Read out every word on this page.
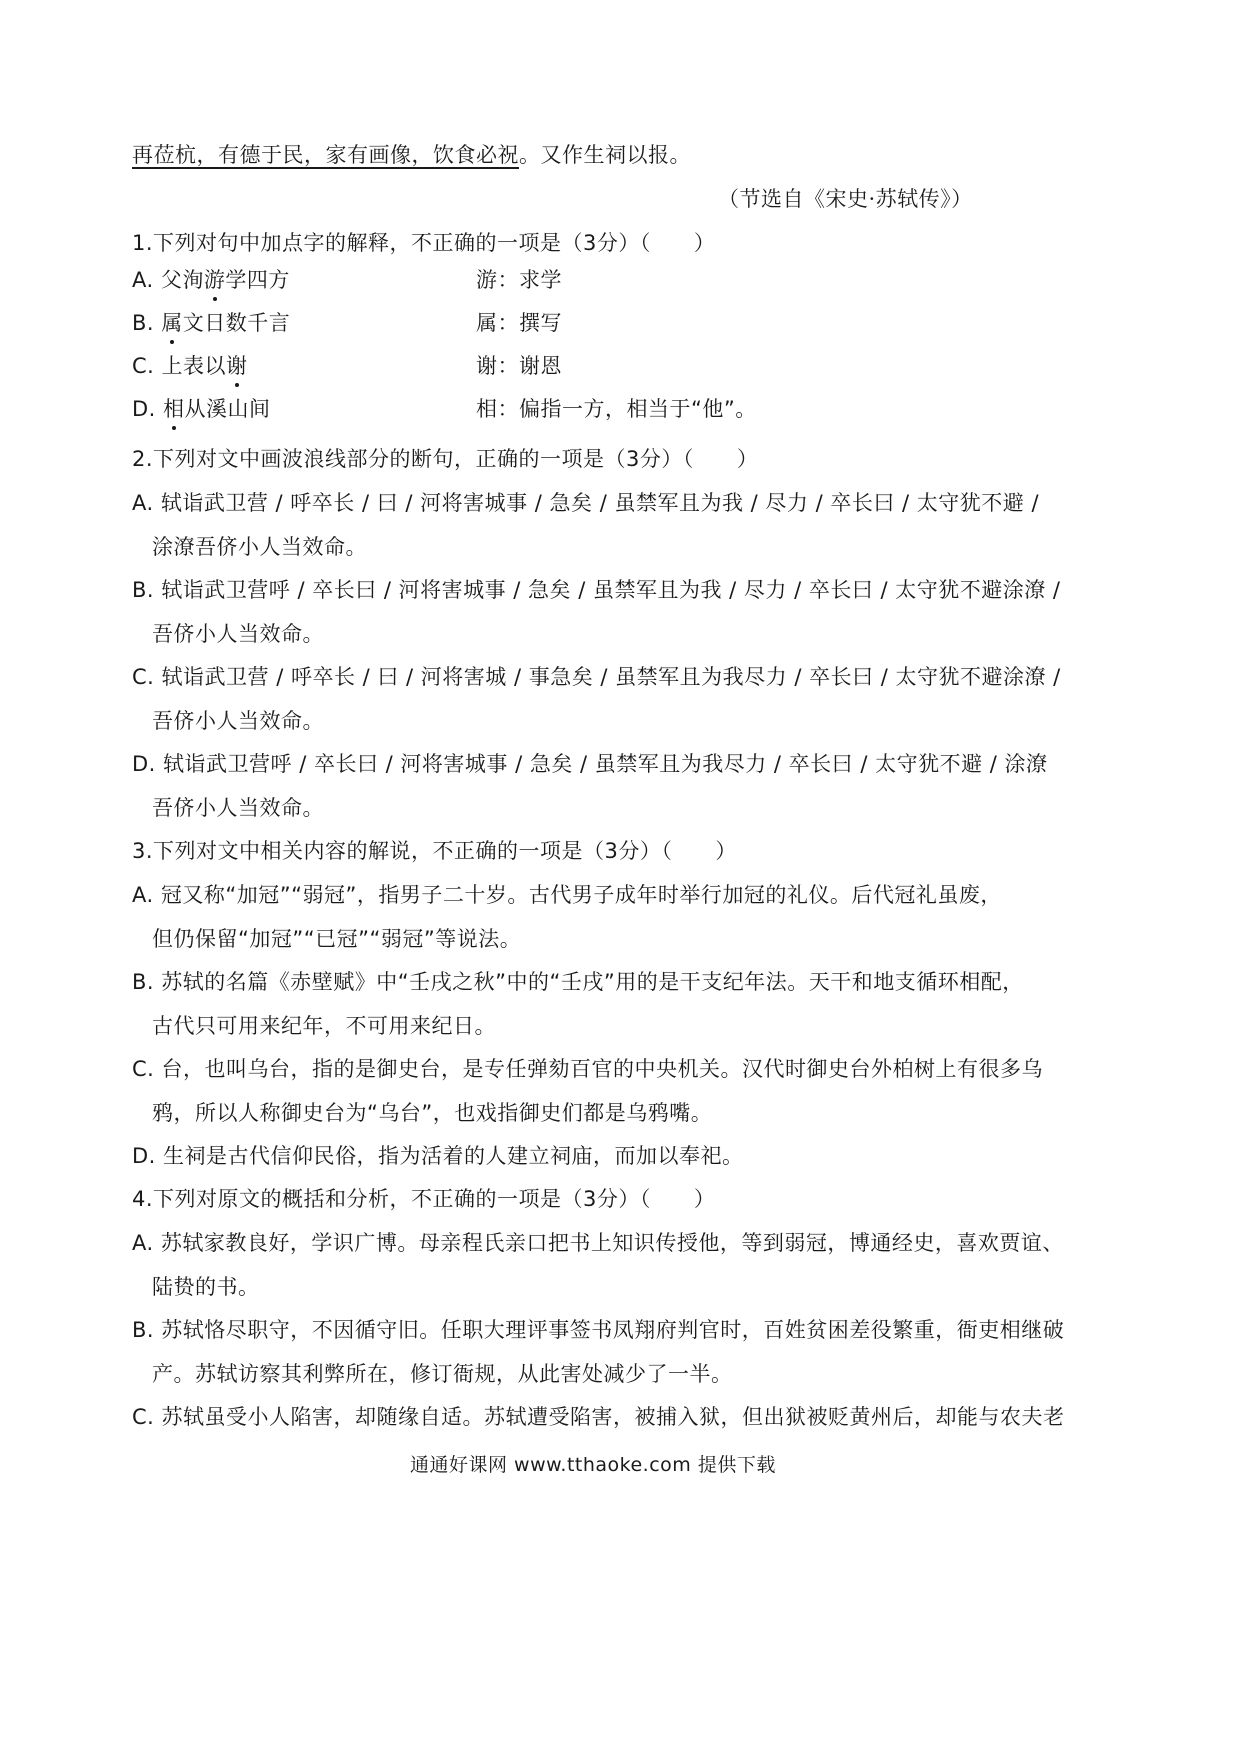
再莅杭，有德于民，家有画像，饮食必祝。又作生祠以报。
（节选自《宋史·苏轼传》）
1.下列对句中加点字的解释，不正确的一项是（3分）（　　）
A. 父洵游学四方	游：求学
B. 属文日数千言	属：撰写
C. 上表以谢	谢：谢恩
D. 相从溪山间	相：偏指一方，相当于“他”。
2.下列对文中画波浪线部分的断句，正确的一项是（3分）（　　）
A. 轼诣武卫营 / 呼卒长 / 曰 / 河将害城事 / 急矣 / 虽禁军且为我 / 尽力 / 卒长曰 / 太守犹不避 /
涂潦吾侪小人当效命。
B. 轼诣武卫营呼 / 卒长曰 / 河将害城事 / 急矣 / 虽禁军且为我 / 尽力 / 卒长曰 / 太守犹不避涂潦 /
吾侪小人当效命。
C. 轼诣武卫营 / 呼卒长 / 曰 / 河将害城 / 事急矣 / 虽禁军且为我尽力 / 卒长曰 / 太守犹不避涂潦 /
吾侪小人当效命。
D. 轼诣武卫营呼 / 卒长曰 / 河将害城事 / 急矣 / 虽禁军且为我尽力 / 卒长曰 / 太守犹不避 / 涂潦
吾侪小人当效命。
3.下列对文中相关内容的解说，不正确的一项是（3分）（　　）
A. 冠又称“加冠”“弱冠”，指男子二十岁。古代男子成年时举行加冠的礼仪。后代冠礼虽废，
但仍保留“加冠”“已冠”“弱冠”等说法。
B. 苏轼的名篇《赤壁赋》中“壬戌之秋”中的“壬戌”用的是干支纪年法。天干和地支循环相配，
古代只可用来纪年，不可用来纪日。
C. 台，也叫乌台，指的是御史台，是专任弹劾百官的中央机关。汉代时御史台外柏树上有很多乌
鸦，所以人称御史台为“乌台”，也戏指御史们都是乌鸦嘴。
D. 生祠是古代信仰民俗，指为活着的人建立祠庙，而加以奉祀。
4.下列对原文的概括和分析，不正确的一项是（3分）（　　）
A. 苏轼家教良好，学识广博。母亲程氏亲口把书上知识传授他，等到弱冠，博通经史，喜欢贾谊、
陆贽的书。
B. 苏轼恪尽职守，不因循守旧。任职大理评事签书凤翔府判官时，百姓贫困差役繁重，衙吏相继破
产。苏轼访察其利弊所在，修订衙规，从此害处减少了一半。
C. 苏轼虽受小人陷害，却随缘自适。苏轼遭受陷害，被捕入狱，但出狱被贬黄州后，却能与农夫老
通通好课网 www.tthaoke.com 提供下载
